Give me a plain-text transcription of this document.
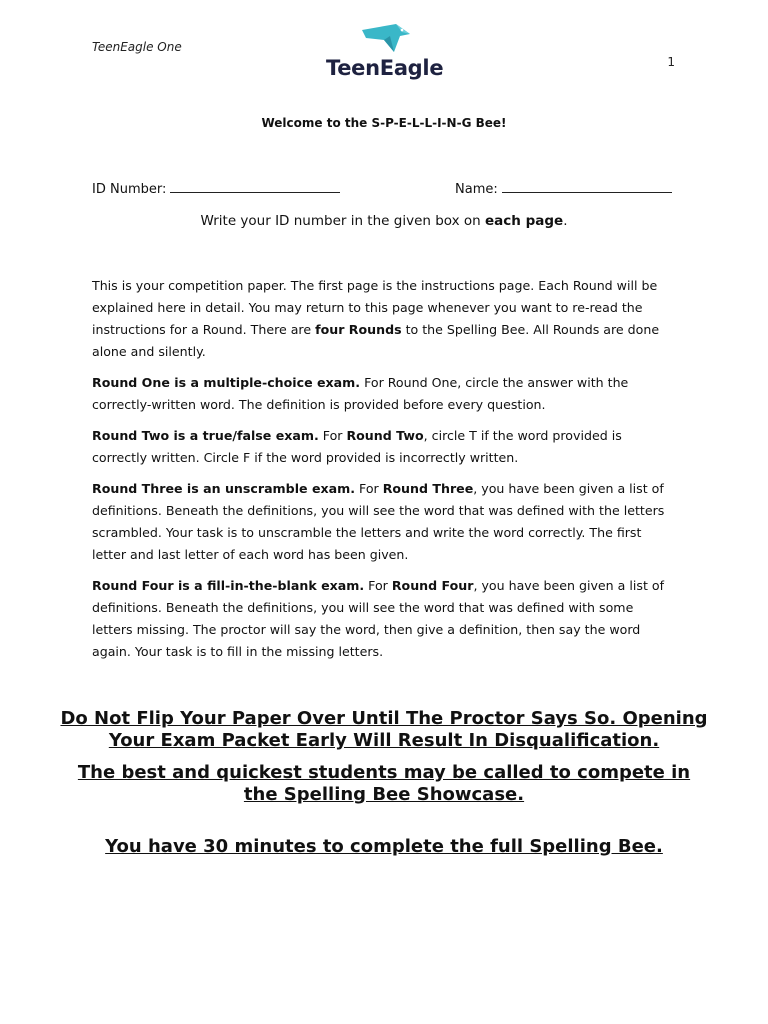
TeenEagle One
1
TeenEagle
Welcome to the S-P-E-L-L-I-N-G Bee!
ID Number:	Name:
Write your ID number in the given box on each page.

This is your competition paper. The first page is the instructions page. Each Round will be explained here in detail. You may return to this page whenever you want to re-read the instructions for a Round. There are four Rounds to the Spelling Bee. All Rounds are done alone and silently.

Round One is a multiple-choice exam. For Round One, circle the answer with the correctly-written word. The definition is provided before every question.

Round Two is a true/false exam. For Round Two, circle T if the word provided is correctly written. Circle F if the word provided is incorrectly written.

Round Three is an unscramble exam. For Round Three, you have been given a list of definitions. Beneath the definitions, you will see the word that was defined with the letters scrambled. Your task is to unscramble the letters and write the word correctly. The first letter and last letter of each word has been given.

Round Four is a fill-in-the-blank exam. For Round Four, you have been given a list of definitions. Beneath the definitions, you will see the word that was defined with some letters missing. The proctor will say the word, then give a definition, then say the word again. Your task is to fill in the missing letters.

Do Not Flip Your Paper Over Until The Proctor Says So. Opening Your Exam Packet Early Will Result In Disqualification.

The best and quickest students may be called to compete in the Spelling Bee Showcase.

You have 30 minutes to complete the full Spelling Bee.
